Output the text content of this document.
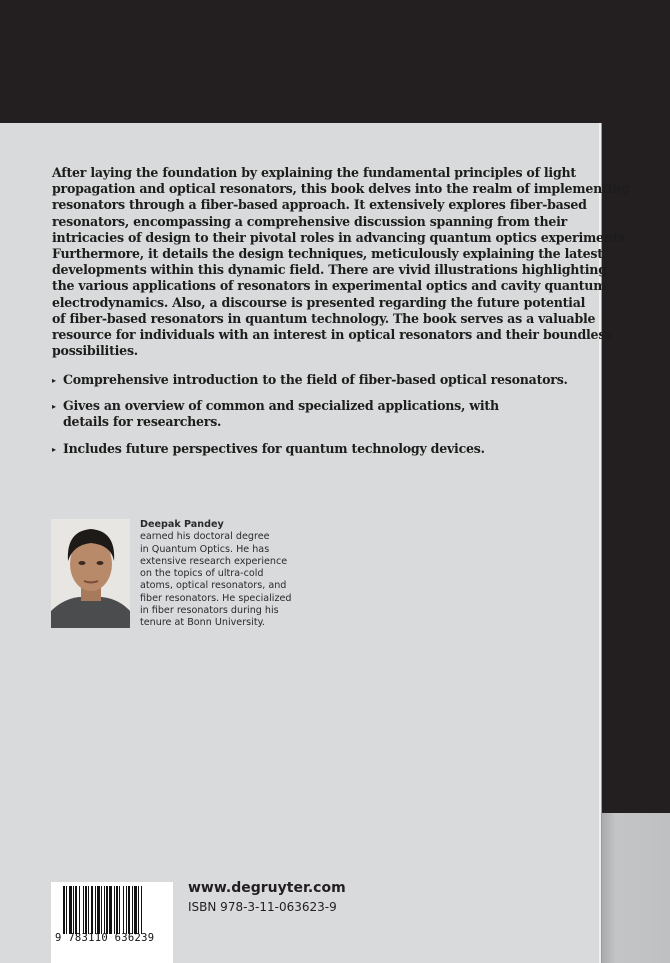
After laying the foundation by explaining the fundamental principles of light
propagation and optical resonators, this book delves into the realm of implementing
resonators through a fiber-based approach. It extensively explores fiber-based
resonators, encompassing a comprehensive discussion spanning from their
intricacies of design to their pivotal roles in advancing quantum optics experiments.
Furthermore, it details the design techniques, meticulously explaining the latest
developments within this dynamic field. There are vivid illustrations highlighting
the various applications of resonators in experimental optics and cavity quantum
electrodynamics. Also, a discourse is presented regarding the future potential
of fiber-based resonators in quantum technology. The book serves as a valuable
resource for individuals with an interest in optical resonators and their boundless
possibilities.
▸ Comprehensive introduction to the field of fiber-based optical resonators.
▸ Gives an overview of common and specialized applications, with details for researchers.
▸ Includes future perspectives for quantum technology devices.
Deepak Pandey
earned his doctoral degree
in Quantum Optics. He has
extensive research experience
on the topics of ultra-cold
atoms, optical resonators, and
fiber resonators. He specialized
in fiber resonators during his
tenure at Bonn University.
9 783110 636239
www.degruyter.com
ISBN 978-3-11-063623-9
